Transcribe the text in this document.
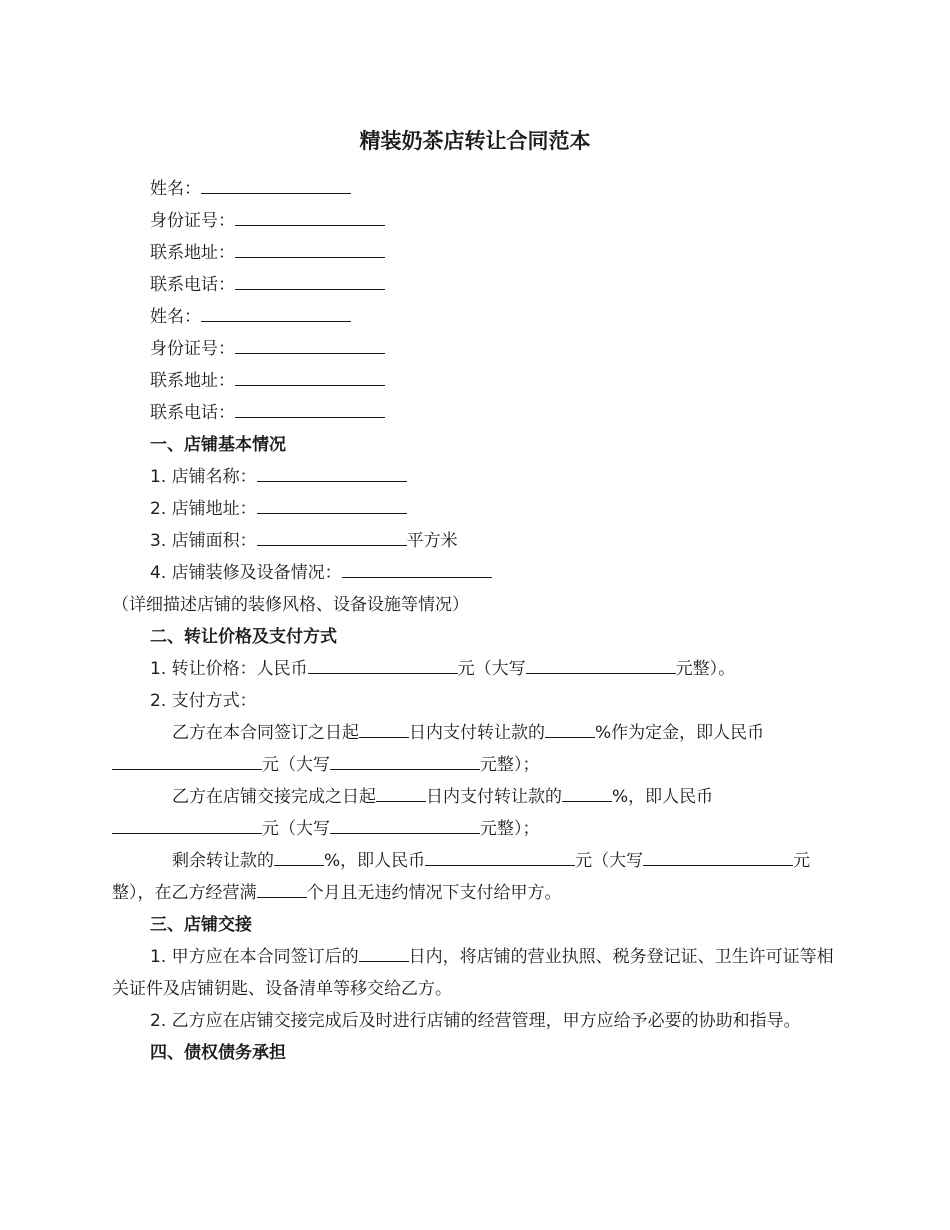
精装奶茶店转让合同范本

姓名：

身份证号：

联系地址：

联系电话：

姓名：

身份证号：

联系地址：

联系电话：

一、店铺基本情况

1. 店铺名称：

2. 店铺地址：

3. 店铺面积：	平方米

4. 店铺装修及设备情况：（详细描述店铺的装修风格、设备设施等情况）

二、转让价格及支付方式

1. 转让价格：人民币	元（大写	元整）。

2. 支付方式：

乙方在本合同签订之日起	日内支付转让款的	%作为定金，即人民币元（大写	元整）；

乙方在店铺交接完成之日起	日内支付转让款的	%，即人民币元（大写	元整）；

剩余转让款的	%，即人民币	元（大写	元整），在乙方经营满	个月且无违约情况下支付给甲方。

三、店铺交接

1. 甲方应在本合同签订后的	日内，将店铺的营业执照、税务登记证、卫生许可证等相关证件及店铺钥匙、设备清单等移交给乙方。

2. 乙方应在店铺交接完成后及时进行店铺的经营管理，甲方应给予必要的协助和指导。

四、债权债务承担
